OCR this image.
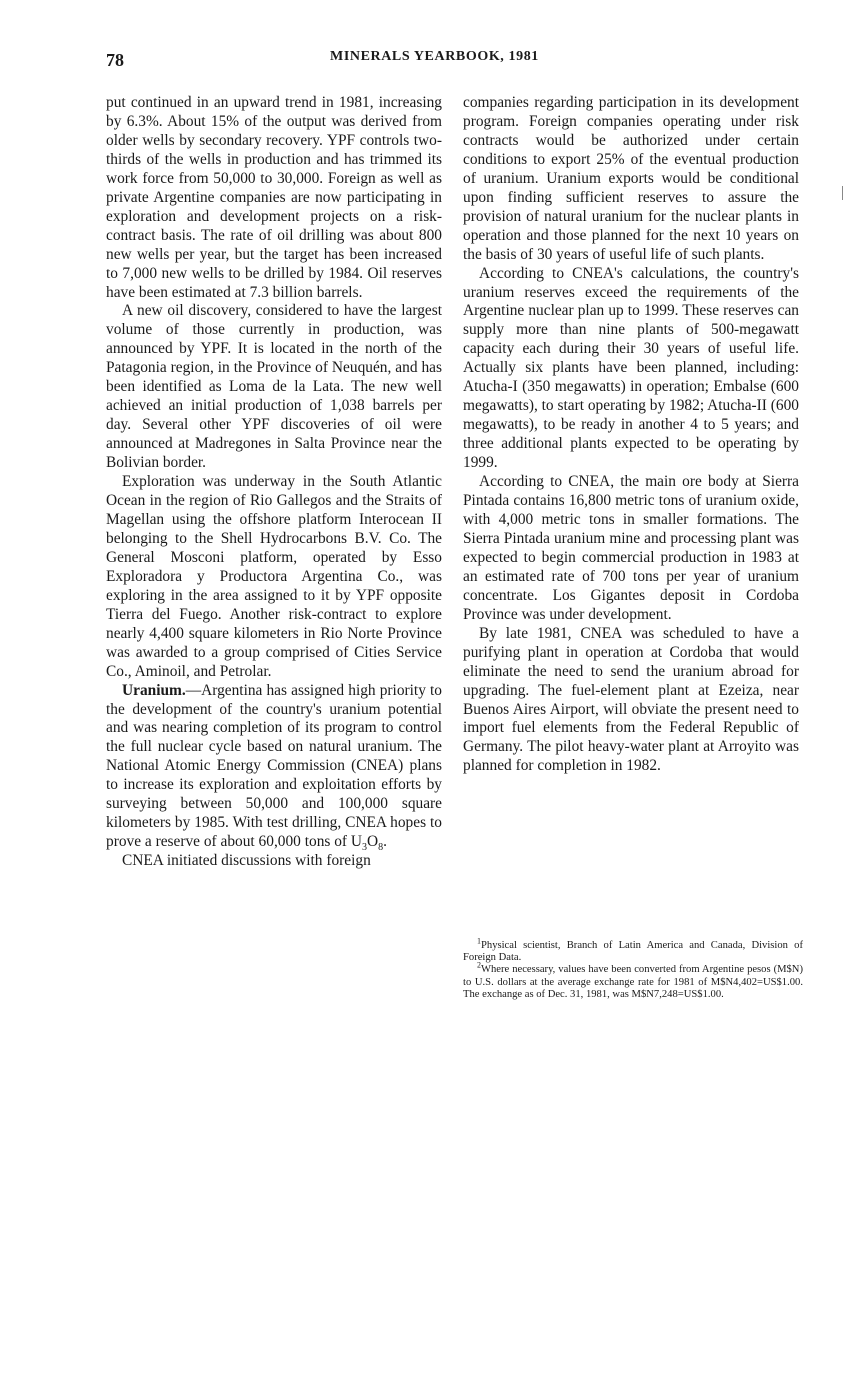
78	MINERALS YEARBOOK, 1981

put continued in an upward trend in 1981, increasing by 6.3%. About 15% of the output was derived from older wells by secondary recovery. YPF controls two-thirds of the wells in production and has trimmed its work force from 50,000 to 30,000. Foreign as well as private Argentine companies are now participating in exploration and development projects on a risk-contract basis. The rate of oil drilling was about 800 new wells per year, but the target has been increased to 7,000 new wells to be drilled by 1984. Oil reserves have been estimated at 7.3 billion barrels.

A new oil discovery, considered to have the largest volume of those currently in production, was announced by YPF. It is located in the north of the Patagonia region, in the Province of Neuquén, and has been identified as Loma de la Lata. The new well achieved an initial production of 1,038 barrels per day. Several other YPF discoveries of oil were announced at Madregones in Salta Province near the Bolivian border.

Exploration was underway in the South Atlantic Ocean in the region of Rio Gallegos and the Straits of Magellan using the offshore platform Interocean II belonging to the Shell Hydrocarbons B.V. Co. The General Mosconi platform, operated by Esso Exploradora y Productora Argentina Co., was exploring in the area assigned to it by YPF opposite Tierra del Fuego. Another risk-contract to explore nearly 4,400 square kilometers in Rio Norte Province was awarded to a group comprised of Cities Service Co., Aminoil, and Petrolar.

Uranium.—Argentina has assigned high priority to the development of the country's uranium potential and was nearing completion of its program to control the full nuclear cycle based on natural uranium. The National Atomic Energy Commission (CNEA) plans to increase its exploration and exploitation efforts by surveying between 50,000 and 100,000 square kilometers by 1985. With test drilling, CNEA hopes to prove a reserve of about 60,000 tons of $U_3O_8$.

CNEA initiated discussions with foreign

companies regarding participation in its development program. Foreign companies operating under risk contracts would be authorized under certain conditions to export 25% of the eventual production of uranium. Uranium exports would be conditional upon finding sufficient reserves to assure the provision of natural uranium for the nuclear plants in operation and those planned for the next 10 years on the basis of 30 years of useful life of such plants.

According to CNEA's calculations, the country's uranium reserves exceed the requirements of the Argentine nuclear plan up to 1999. These reserves can supply more than nine plants of 500-megawatt capacity each during their 30 years of useful life. Actually six plants have been planned, including: Atucha-I (350 megawatts) in operation; Embalse (600 megawatts), to start operating by 1982; Atucha-II (600 megawatts), to be ready in another 4 to 5 years; and three additional plants expected to be operating by 1999.

According to CNEA, the main ore body at Sierra Pintada contains 16,800 metric tons of uranium oxide, with 4,000 metric tons in smaller formations. The Sierra Pintada uranium mine and processing plant was expected to begin commercial production in 1983 at an estimated rate of 700 tons per year of uranium concentrate. Los Gigantes deposit in Cordoba Province was under development.

By late 1981, CNEA was scheduled to have a purifying plant in operation at Cordoba that would eliminate the need to send the uranium abroad for upgrading. The fuel-element plant at Ezeiza, near Buenos Aires Airport, will obviate the present need to import fuel elements from the Federal Republic of Germany. The pilot heavy-water plant at Arroyito was planned for completion in 1982.

$^1$Physical scientist, Branch of Latin America and Canada, Division of Foreign Data.

$^2$Where necessary, values have been converted from Argentine pesos (M$N) to U.S. dollars at the average exchange rate for 1981 of M$N4,402=US$1.00. The exchange as of Dec. 31, 1981, was M$N7,248=US$1.00.
